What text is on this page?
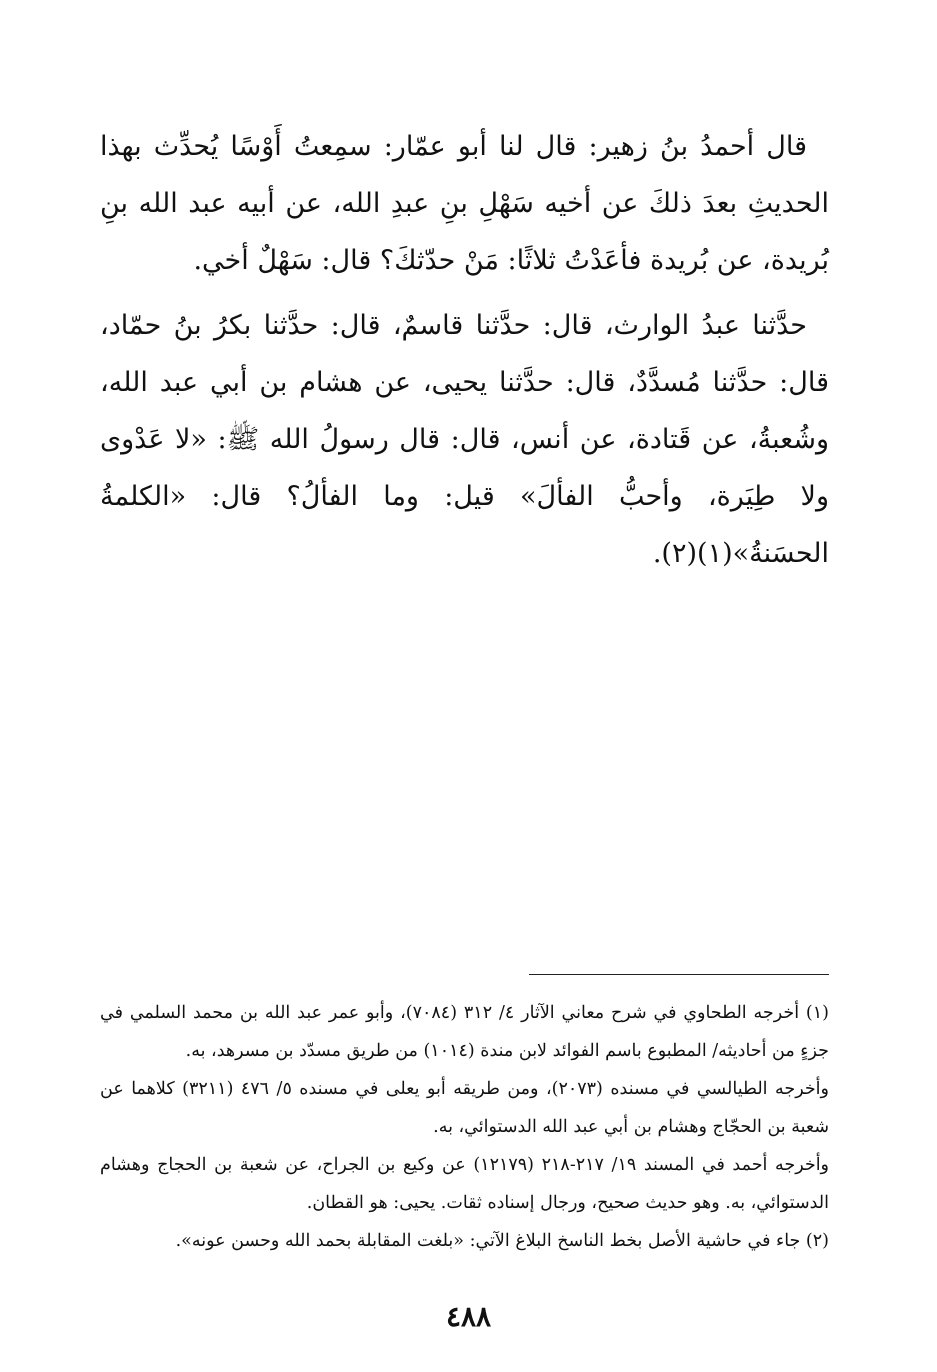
قال أحمدُ بنُ زهير: قال لنا أبو عمّار: سمِعتُ أَوْسًا يُحدِّث بهذا الحديثِ بعدَ ذلكَ عن أخيه سَهْلِ بنِ عبدِ الله، عن أبيه عبد الله بنِ بُريدة، عن بُريدة فأعَدْتُ ثلاثًا: مَنْ حدّثكَ؟ قال: سَهْلٌ أخي.

حدَّثنا عبدُ الوارث، قال: حدَّثنا قاسمٌ، قال: حدَّثنا بكرُ بنُ حمّاد، قال: حدَّثنا مُسدَّدٌ، قال: حدَّثنا يحيى، عن هشام بن أبي عبد الله، وشُعبةُ، عن قَتادة، عن أنس، قال: قال رسولُ الله ﷺ: «لا عَدْوى ولا طِيَرة، وأحبُّ الفألَ» قيل: وما الفألُ؟ قال: «الكلمةُ الحسَنةُ»(١)(٢).

(١) أخرجه الطحاوي في شرح معاني الآثار ٤/ ٣١٢ (٧٠٨٤)، وأبو عمر عبد الله بن محمد السلمي في جزءٍ من أحاديثه/ المطبوع باسم الفوائد لابن مندة (١٠١٤) من طريق مسدّد بن مسرهد، به.

وأخرجه الطيالسي في مسنده (٢٠٧٣)، ومن طريقه أبو يعلى في مسنده ٥/ ٤٧٦ (٣٢١١) كلاهما عن شعبة بن الحجّاج وهشام بن أبي عبد الله الدستوائي، به.

وأخرجه أحمد في المسند ١٩/ ٢١٧-٢١٨ (١٢١٧٩) عن وكيع بن الجراح، عن شعبة بن الحجاج وهشام الدستوائي، به. وهو حديث صحيح، ورجال إسناده ثقات. يحيى: هو القطان.

(٢) جاء في حاشية الأصل بخط الناسخ البلاغ الآتي: «بلغت المقابلة بحمد الله وحسن عونه».

٤٨٨
